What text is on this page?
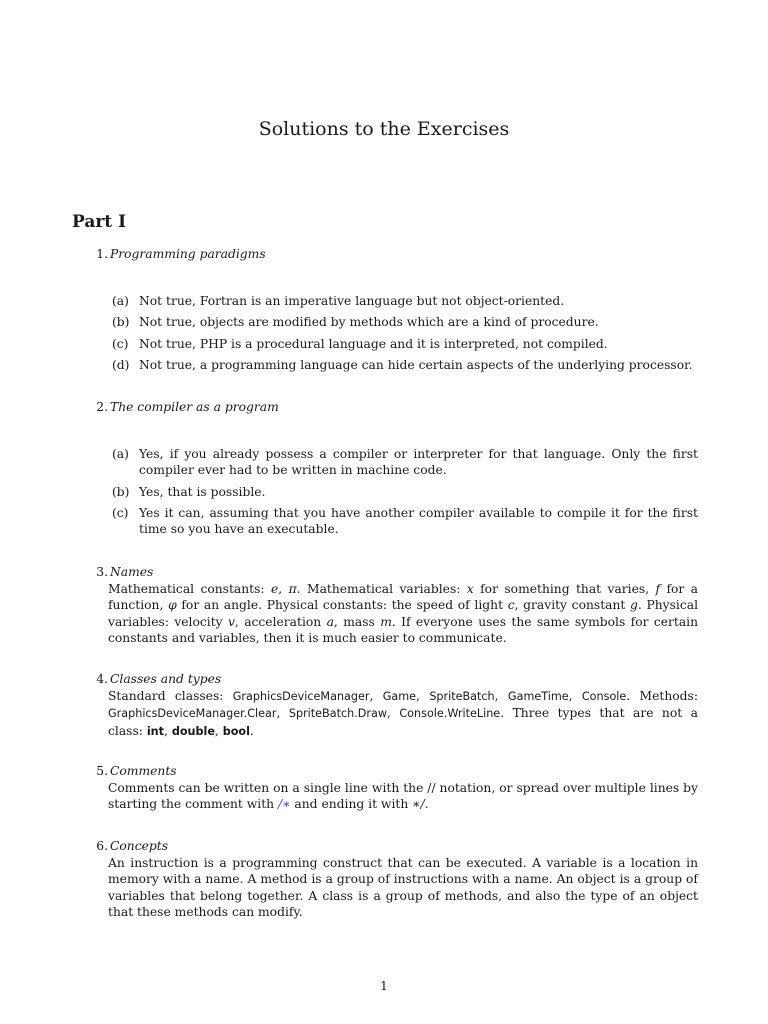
Solutions to the Exercises
Part I
1. Programming paradigms
(a) Not true, Fortran is an imperative language but not object-oriented.
(b) Not true, objects are modified by methods which are a kind of procedure.
(c) Not true, PHP is a procedural language and it is interpreted, not compiled.
(d) Not true, a programming language can hide certain aspects of the underlying processor.
2. The compiler as a program
(a) Yes, if you already possess a compiler or interpreter for that language. Only the first compiler ever had to be written in machine code.
(b) Yes, that is possible.
(c) Yes it can, assuming that you have another compiler available to compile it for the first time so you have an executable.
3. Names
Mathematical constants: e, π. Mathematical variables: x for something that varies, f for a function, φ for an angle. Physical constants: the speed of light c, gravity constant g. Physical variables: velocity v, acceleration a, mass m. If everyone uses the same symbols for certain constants and variables, then it is much easier to communicate.
4. Classes and types
Standard classes: GraphicsDeviceManager, Game, SpriteBatch, GameTime, Console. Methods: GraphicsDeviceManager.Clear, SpriteBatch.Draw, Console.WriteLine. Three types that are not a class: int, double, bool.
5. Comments
Comments can be written on a single line with the // notation, or spread over multiple lines by starting the comment with /∗ and ending it with ∗/.
6. Concepts
An instruction is a programming construct that can be executed. A variable is a location in memory with a name. A method is a group of instructions with a name. An object is a group of variables that belong together. A class is a group of methods, and also the type of an object that these methods can modify.
1
